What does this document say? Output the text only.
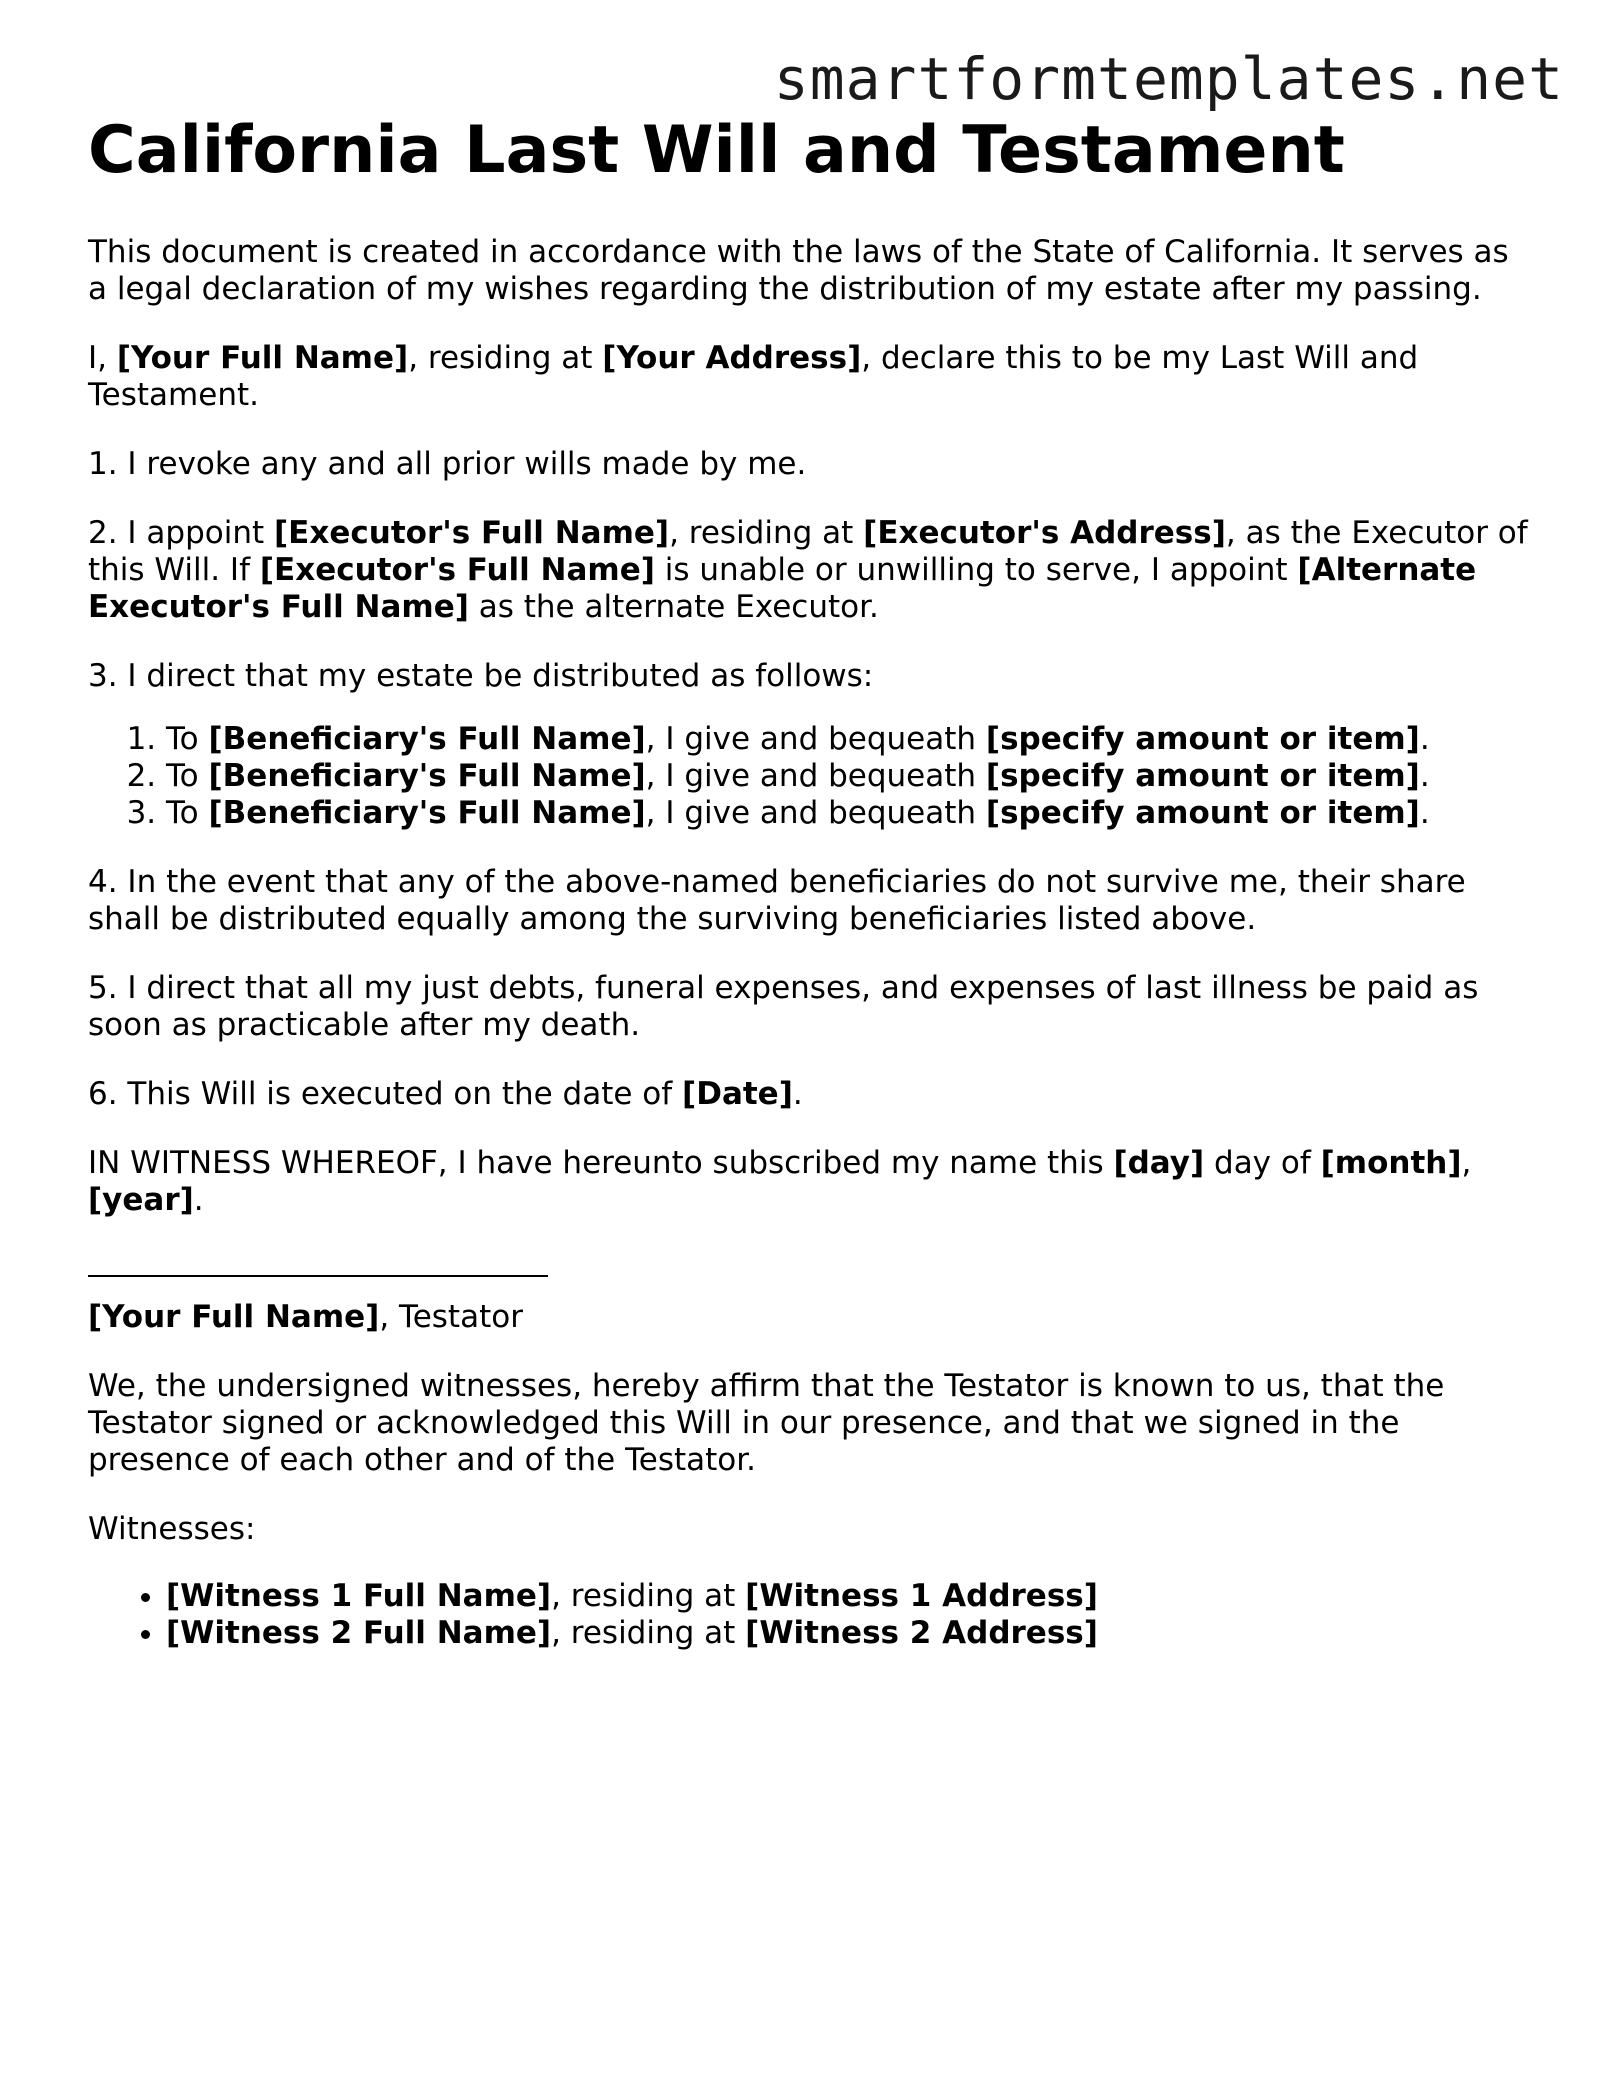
smartformtemplates.net
California Last Will and Testament

This document is created in accordance with the laws of the State of California. It serves as a legal declaration of my wishes regarding the distribution of my estate after my passing.

I, [Your Full Name], residing at [Your Address], declare this to be my Last Will and Testament.

1. I revoke any and all prior wills made by me.

2. I appoint [Executor's Full Name], residing at [Executor's Address], as the Executor of this Will. If [Executor's Full Name] is unable or unwilling to serve, I appoint [Alternate Executor's Full Name] as the alternate Executor.

3. I direct that my estate be distributed as follows:

1. To [Beneficiary's Full Name], I give and bequeath [specify amount or item].
2. To [Beneficiary's Full Name], I give and bequeath [specify amount or item].
3. To [Beneficiary's Full Name], I give and bequeath [specify amount or item].

4. In the event that any of the above-named beneficiaries do not survive me, their share shall be distributed equally among the surviving beneficiaries listed above.

5. I direct that all my just debts, funeral expenses, and expenses of last illness be paid as soon as practicable after my death.

6. This Will is executed on the date of [Date].

IN WITNESS WHEREOF, I have hereunto subscribed my name this [day] day of [month], [year].

[Your Full Name], Testator

We, the undersigned witnesses, hereby affirm that the Testator is known to us, that the Testator signed or acknowledged this Will in our presence, and that we signed in the presence of each other and of the Testator.

Witnesses:

• [Witness 1 Full Name], residing at [Witness 1 Address]
• [Witness 2 Full Name], residing at [Witness 2 Address]
